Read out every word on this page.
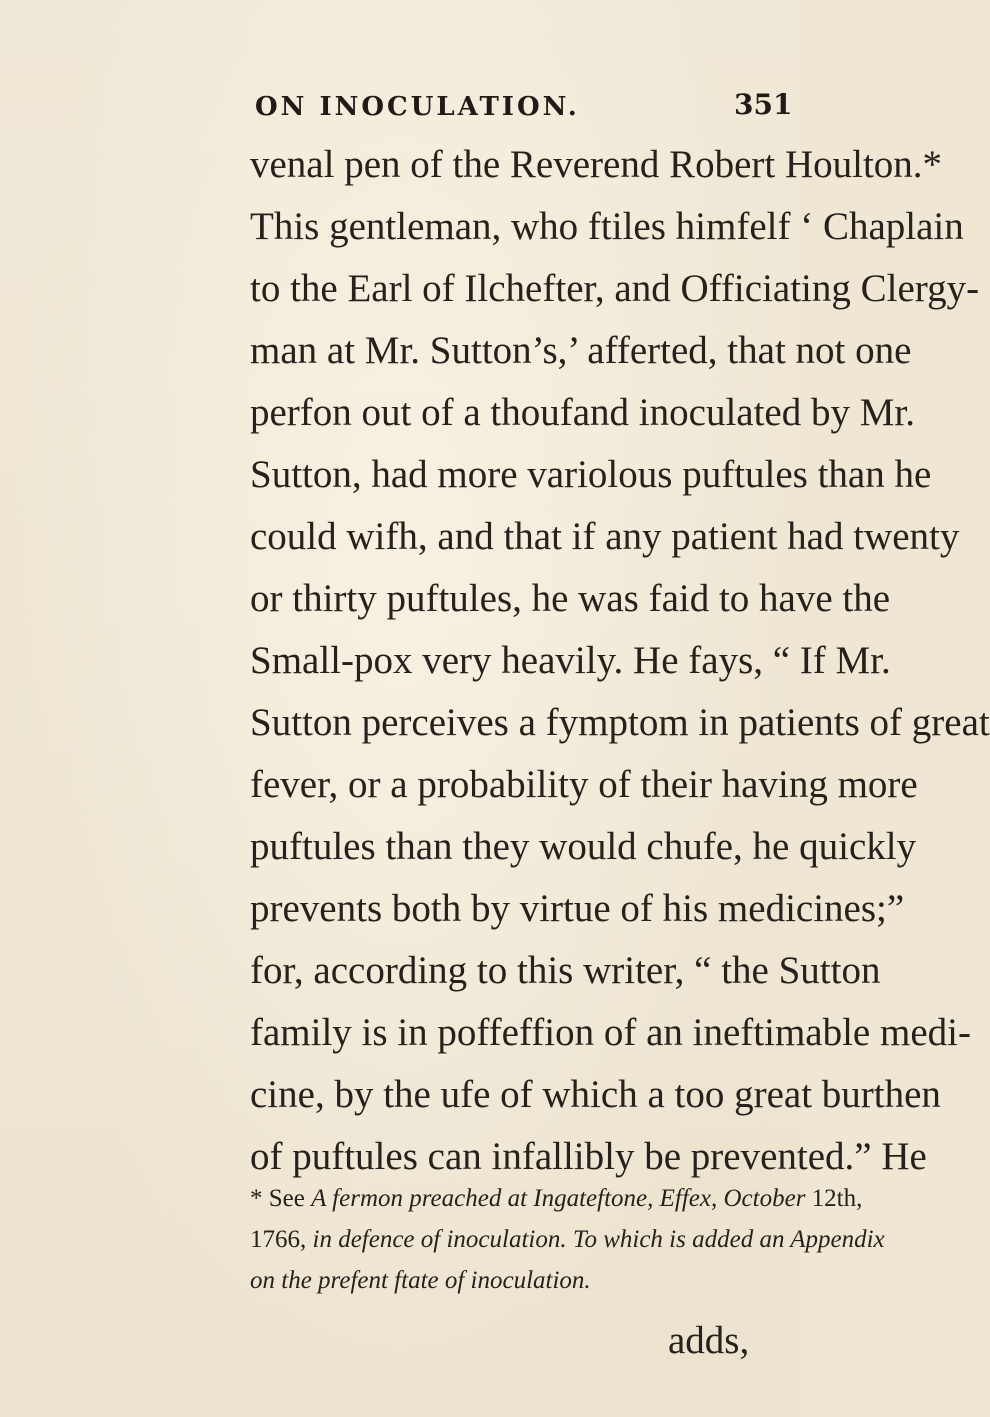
ON INOCULATION.	351
venal pen of the Reverend Robert Houlton.*
This gentleman, who ftiles himfelf ‘ Chaplain
to the Earl of Ilchefter, and Officiating Clergy-
man at Mr. Sutton’s,’ afferted, that not one
perfon out of a thoufand inoculated by Mr.
Sutton, had more variolous puftules than he
could wifh, and that if any patient had twenty
or thirty puftules, he was faid to have the
Small-pox very heavily. He fays, “ If Mr.
Sutton perceives a fymptom in patients of great
fever, or a probability of their having more
puftules than they would chufe, he quickly
prevents both by virtue of his medicines;”
for, according to this writer, “ the Sutton
family is in poffeffion of an ineftimable medi-
cine, by the ufe of which a too great burthen
of puftules can infallibly be prevented.” He
* See A fermon preached at Ingateftone, Effex, October 12th,
1766, in defence of inoculation. To which is added an Appendix
on the prefent ftate of inoculation.
adds,
